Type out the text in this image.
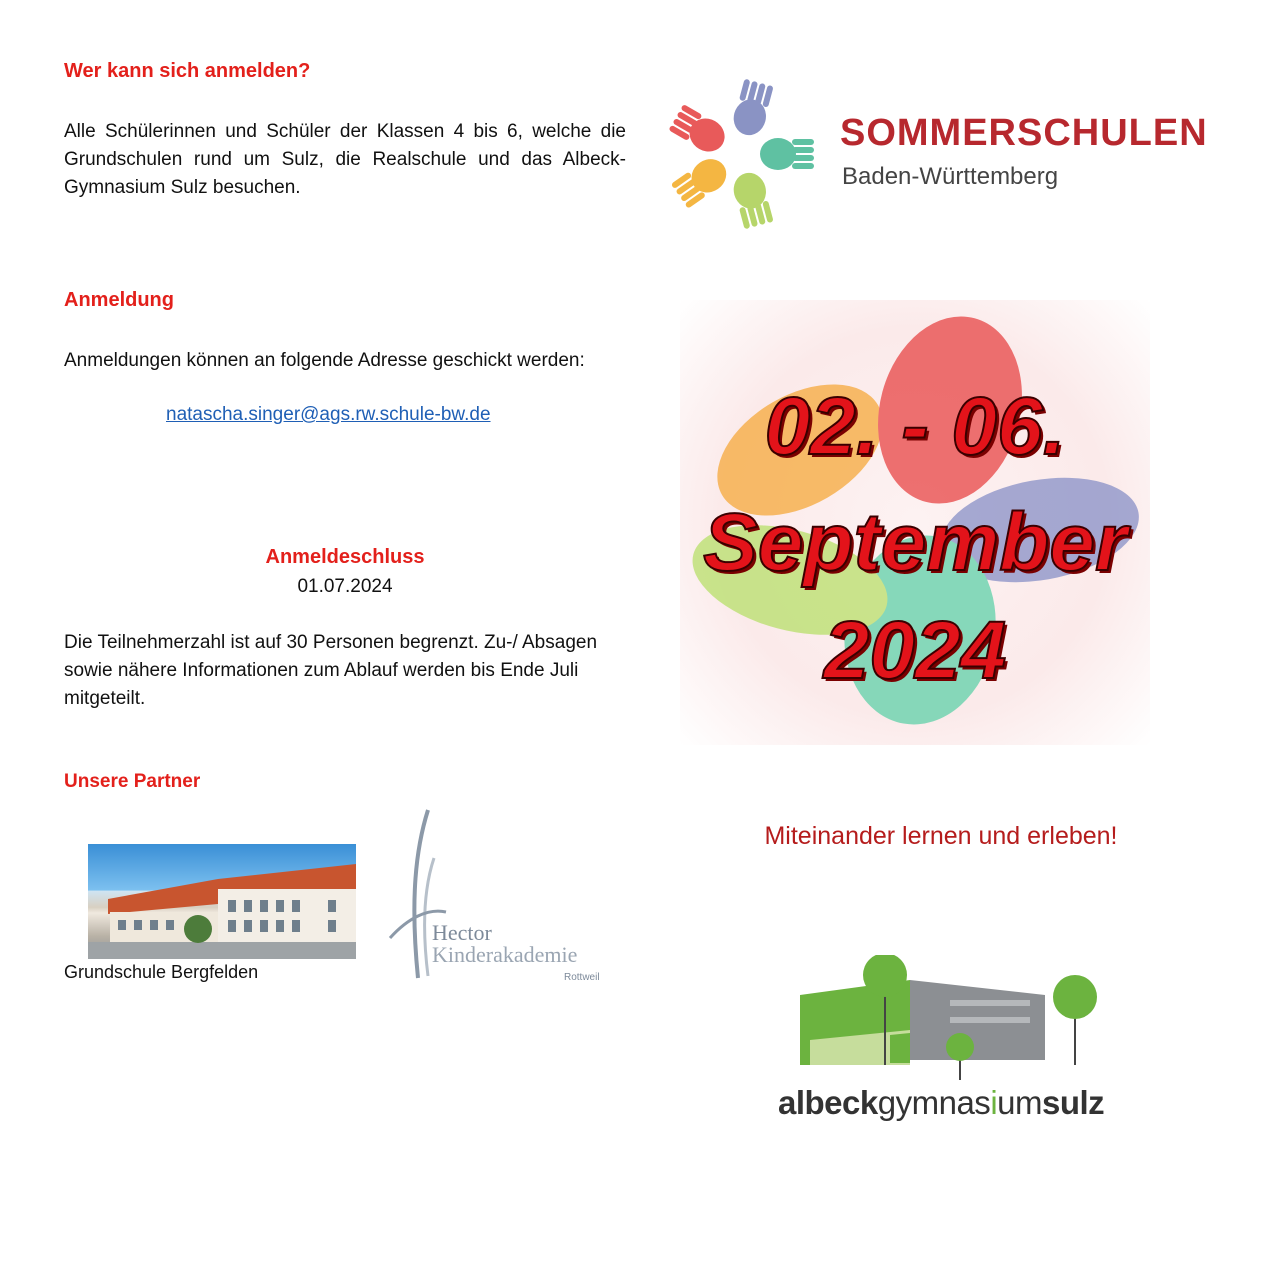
Wer kann sich anmelden?
Alle Schülerinnen und Schüler der Klassen 4 bis 6, welche die Grundschulen rund um Sulz, die Realschule und das Albeck-Gymnasium Sulz besuchen.
Anmeldung
Anmeldungen können an folgende Adresse geschickt werden:
natascha.singer@ags.rw.schule-bw.de
Anmeldeschluss
01.07.2024
Die Teilnehmerzahl ist auf 30 Personen begrenzt. Zu-/ Absagen sowie nähere Informationen zum Ablauf werden bis Ende Juli mitgeteilt.
Unsere Partner
Grundschule Bergfelden
Hector
Kinderakademie
Rottweil
SOMMERSCHULEN
Baden-Württemberg
02. - 06.
September
2024
Miteinander lernen und erleben!
albeckgymnasiumsulz
